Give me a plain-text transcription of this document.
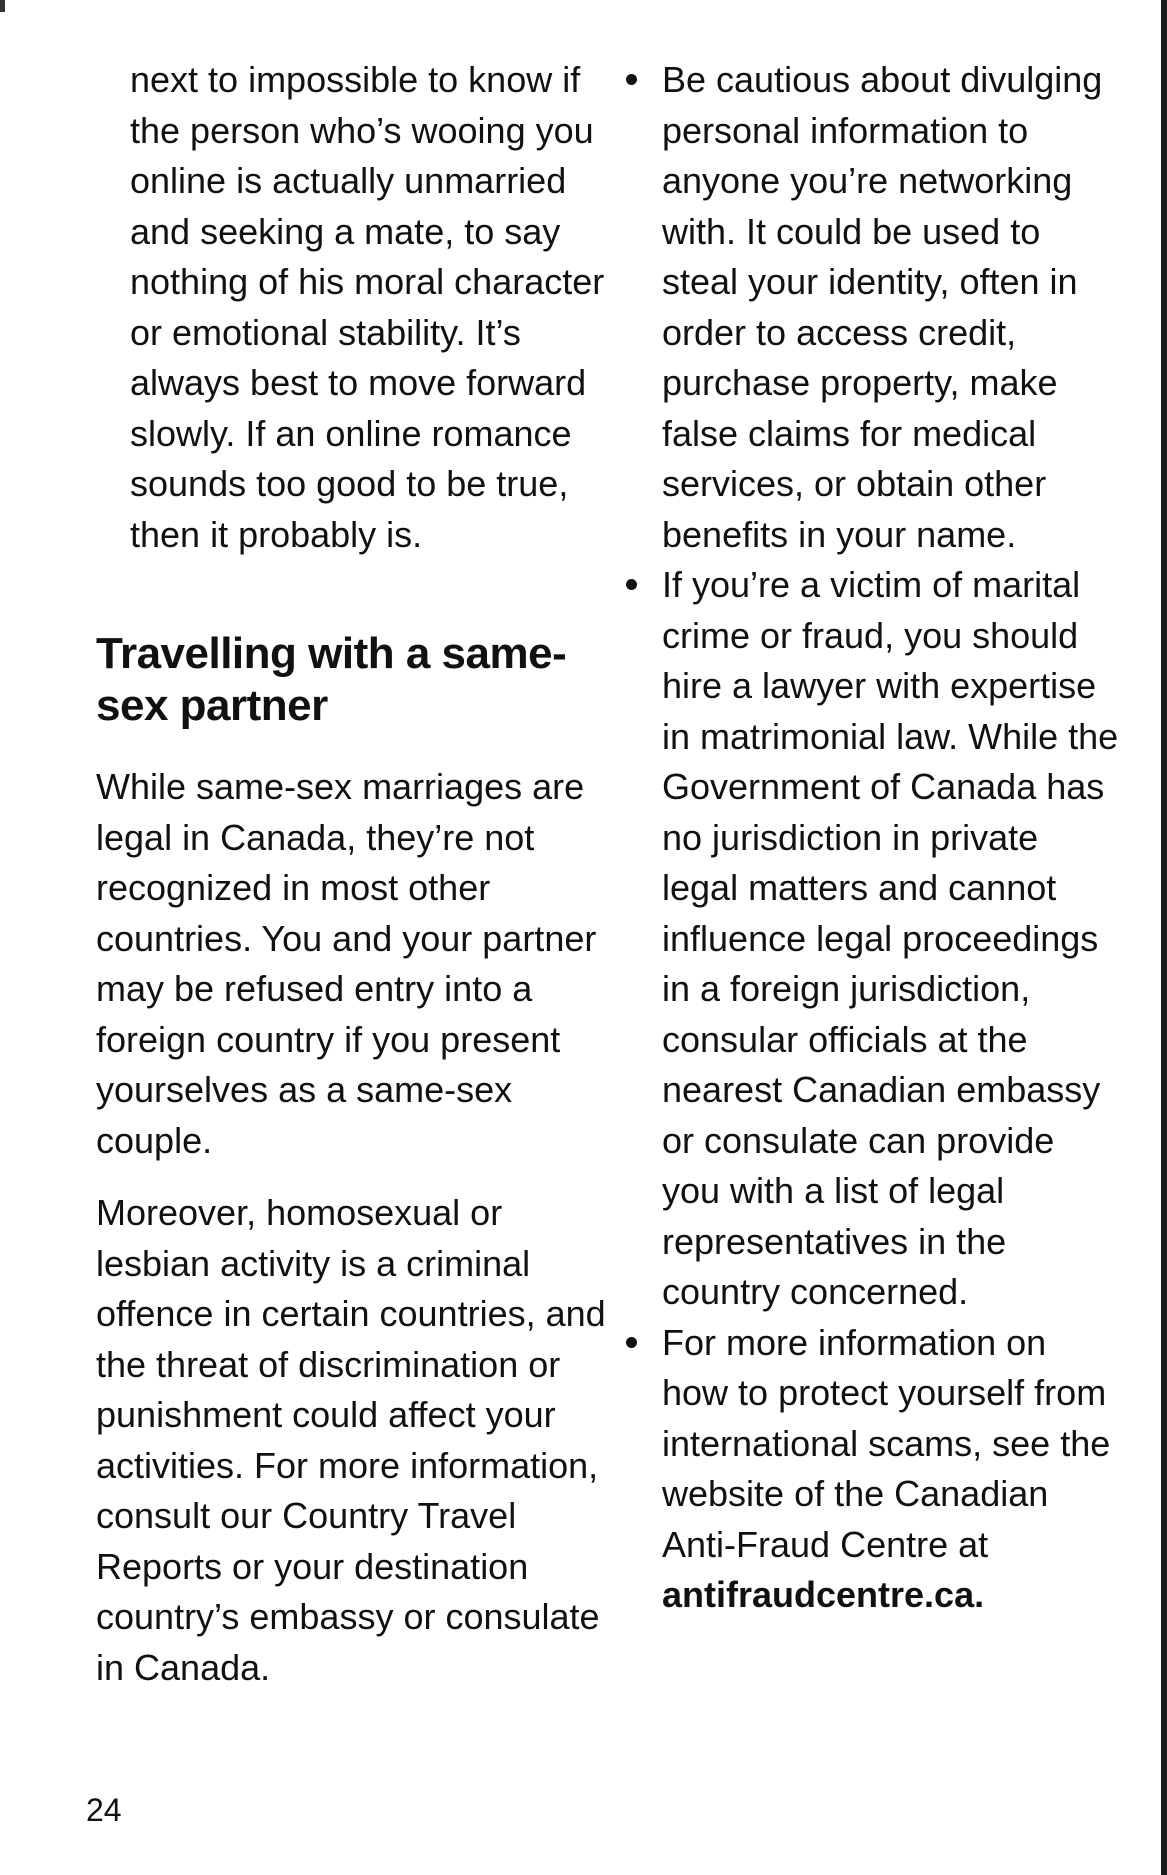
next to impossible to know if the person who’s wooing you online is actually unmarried and seeking a mate, to say nothing of his moral character or emotional stability. It’s always best to move forward slowly. If an online romance sounds too good to be true, then it probably is.

Travelling with a same-sex partner

While same-sex marriages are legal in Canada, they’re not recognized in most other countries. You and your partner may be refused entry into a foreign country if you present yourselves as a same-sex couple.

Moreover, homosexual or lesbian activity is a criminal offence in certain countries, and the threat of discrimination or punishment could affect your activities. For more information, consult our Country Travel Reports or your destination country’s embassy or consulate in Canada.

Be cautious about divulging personal information to anyone you’re networking with. It could be used to steal your identity, often in order to access credit, purchase property, make false claims for medical services, or obtain other benefits in your name.
If you’re a victim of marital crime or fraud, you should hire a lawyer with expertise in matrimonial law. While the Government of Canada has no jurisdiction in private legal matters and cannot influence legal proceedings in a foreign jurisdiction, consular officials at the nearest Canadian embassy or consulate can provide you with a list of legal representatives in the country concerned.
For more information on how to protect yourself from international scams, see the website of the Canadian Anti-Fraud Centre at antifraudcentre.ca.
24
